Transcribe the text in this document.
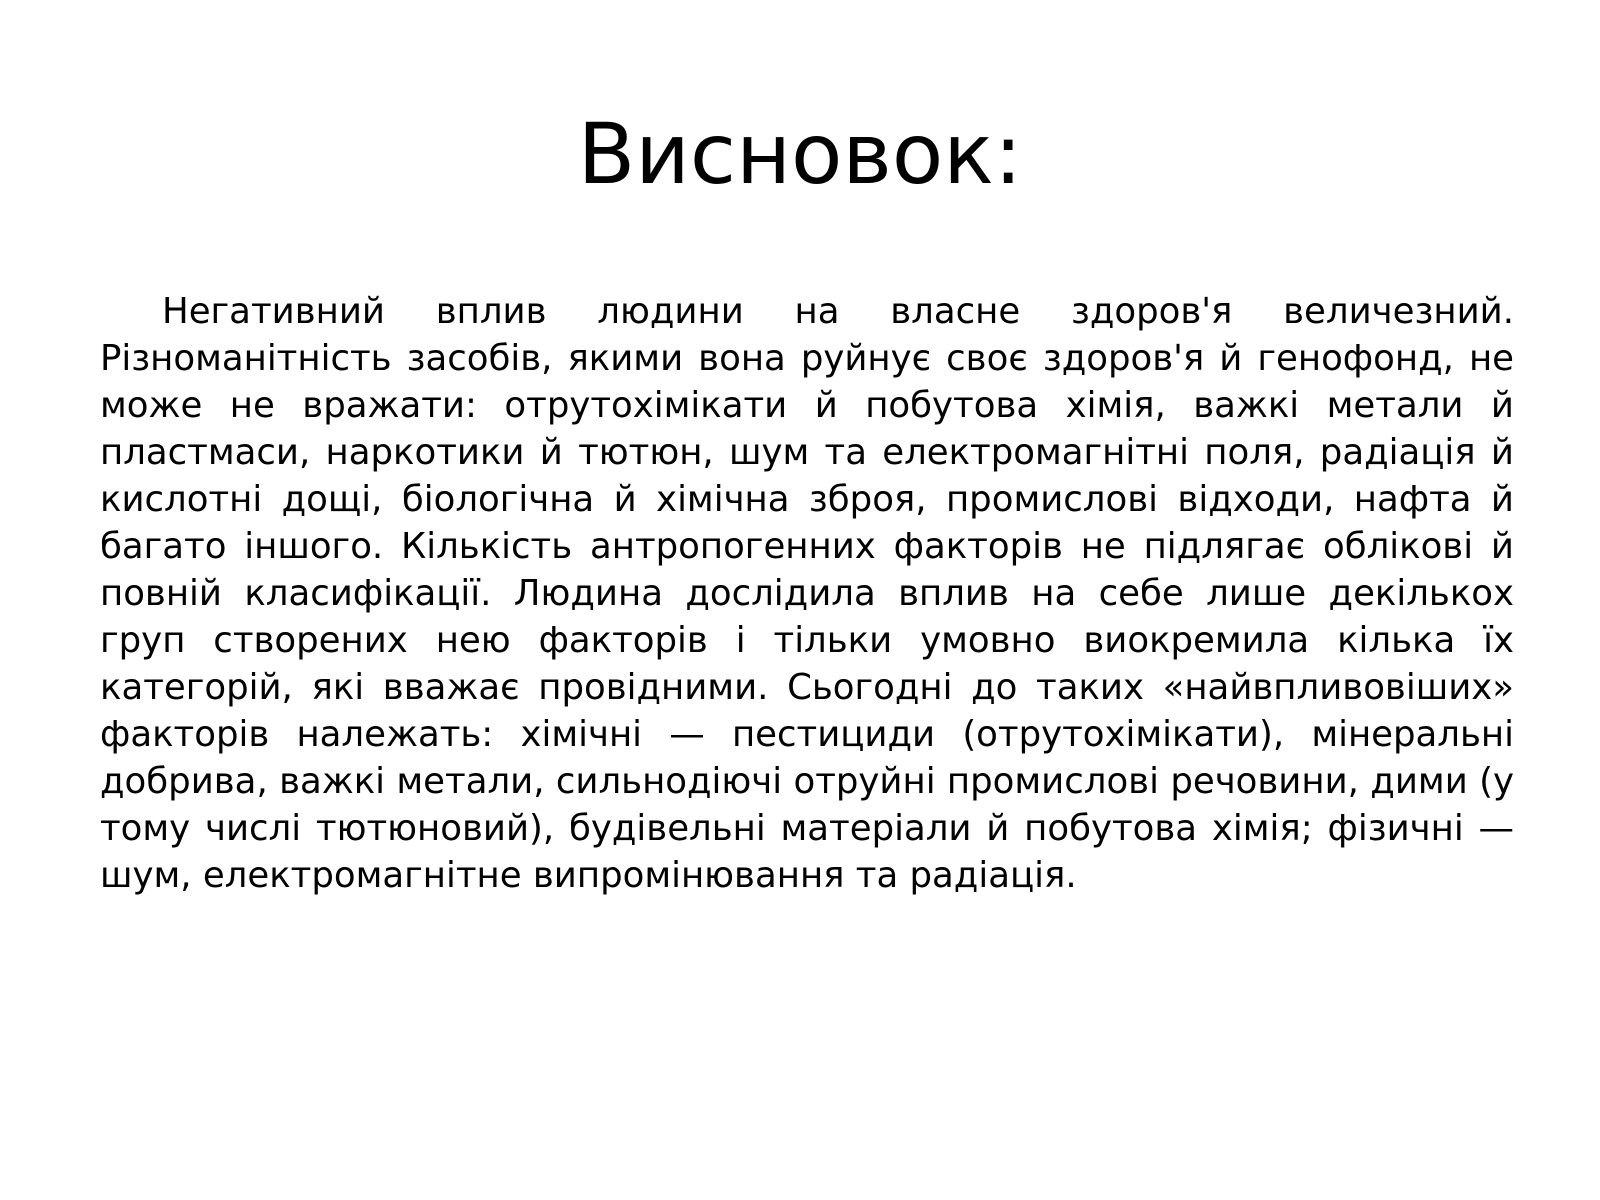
Висновок:

Негативний вплив людини на власне здоров'я величезний. Різноманітність засобів, якими вона руйнує своє здоров'я й генофонд, не може не вражати: отрутохімікати й побутова хімія, важкі метали й пластмаси, наркотики й тютюн, шум та електромагнітні поля, радіація й кислотні дощі, біологічна й хімічна зброя, промислові відходи, нафта й багато іншого. Кількість антропогенних факторів не підлягає облікові й повній класифікації. Людина дослідила вплив на себе лише декількох груп створених нею факторів і тільки умовно виокремила кілька їх категорій, які вважає провідними. Сьогодні до таких «найвпливовіших» факторів належать: хімічні — пестициди (отрутохімікати), мінеральні добрива, важкі метали, сильнодіючі отруйні промислові речовини, дими (у тому числі тютюновий), будівельні матеріали й побутова хімія; фізичні — шум, електромагнітне випромінювання та радіація.
